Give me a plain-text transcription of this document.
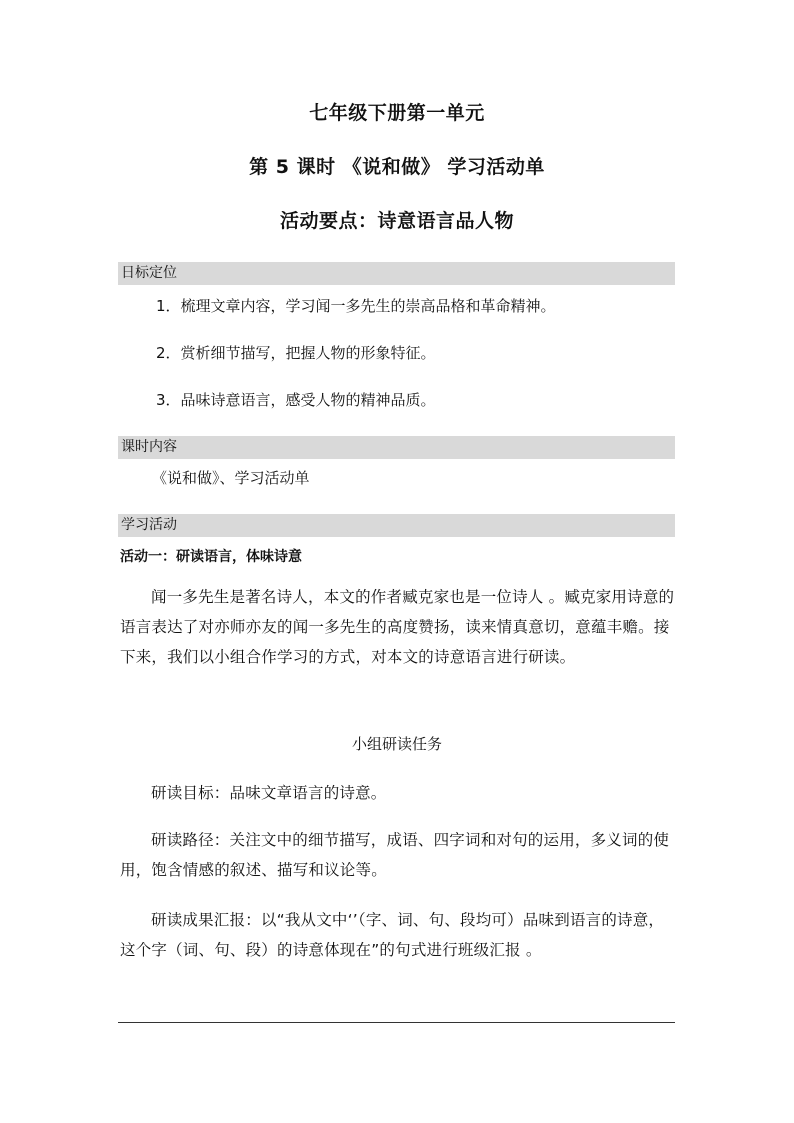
七年级下册第一单元
第 5 课时 《说和做》 学习活动单
活动要点：诗意语言品人物
日标定位
1．梳理文章内容，学习闻一多先生的崇高品格和革命精神。
2．赏析细节描写，把握人物的形象特征。
3．品味诗意语言，感受人物的精神品质。
课时内容
《说和做》、学习活动单
学习活动
活动一：研读语言，体味诗意

闻一多先生是著名诗人，本文的作者臧克家也是一位诗人 。臧克家用诗意的语言表达了对亦师亦友的闻一多先生的高度赞扬，读来情真意切，意蕴丰赡。接下来，我们以小组合作学习的方式，对本文的诗意语言进行研读。

小组研读任务

研读目标：品味文章语言的诗意。

研读路径：关注文中的细节描写，成语、四字词和对句的运用，多义词的使用，饱含情感的叙述、描写和议论等。

研读成果汇报：以“我从文中‘’（字、词、句、段均可）品味到语言的诗意，这个字（词、句、段）的诗意体现在”的句式进行班级汇报 。
